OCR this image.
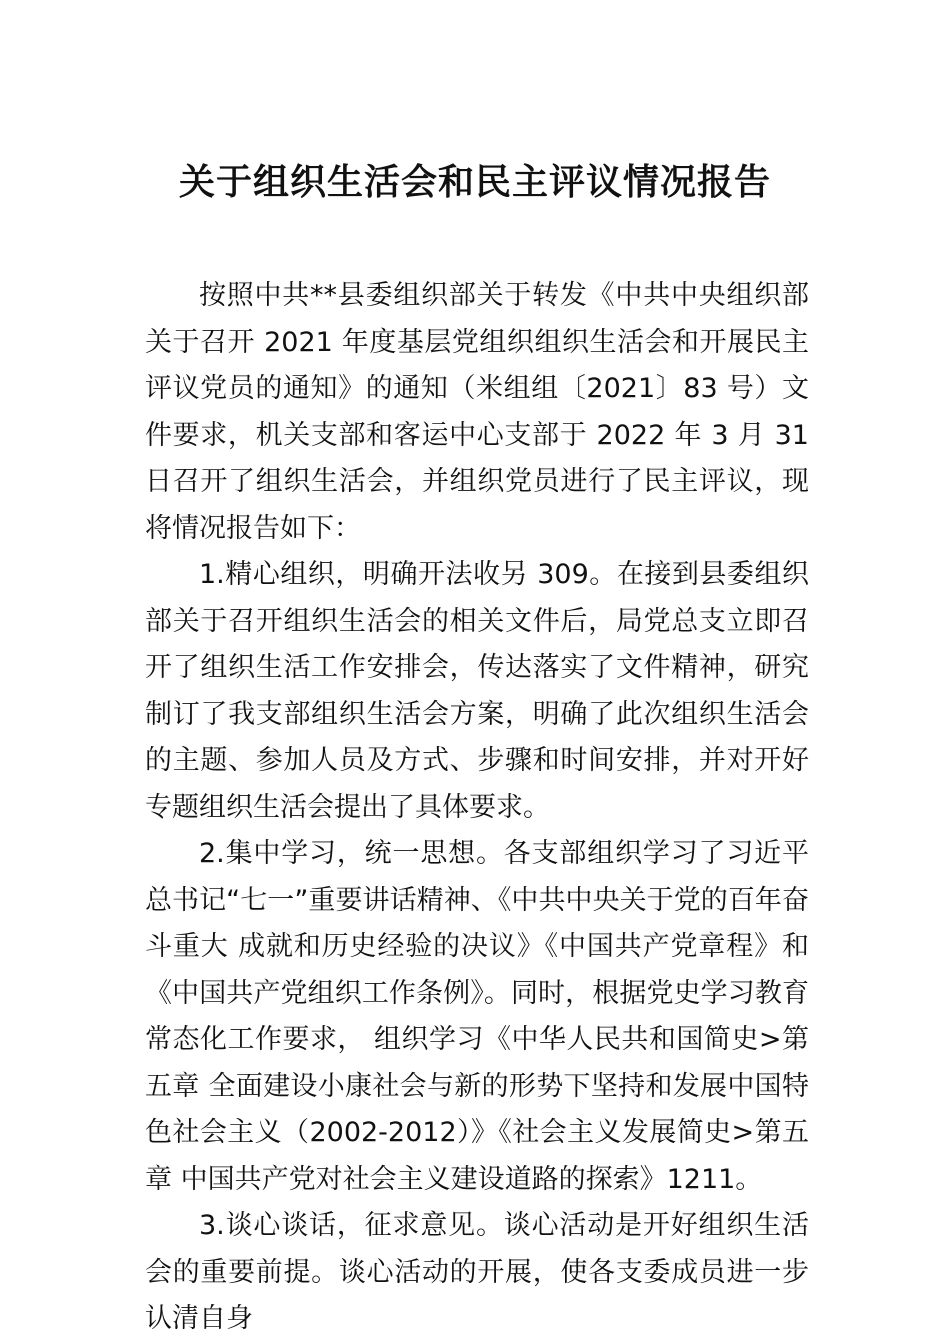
关于组织生活会和民主评议情况报告

按照中共**县委组织部关于转发《中共中央组织部关于召开 2021 年度基层党组织组织生活会和开展民主评议党员的通知》的通知（米组组〔2021〕83 号）文件要求，机关支部和客运中心支部于 2022 年 3 月 31 日召开了组织生活会，并组织党员进行了民主评议，现将情况报告如下：

1.精心组织，明确开法收另 309。在接到县委组织部关于召开组织生活会的相关文件后，局党总支立即召开了组织生活工作安排会，传达落实了文件精神，研究制订了我支部组织生活会方案，明确了此次组织生活会的主题、参加人员及方式、步骤和时间安排，并对开好专题组织生活会提出了具体要求。

2.集中学习，统一思想。各支部组织学习了习近平总书记“七一”重要讲话精神、《中共中央关于党的百年奋斗重大 成就和历史经验的决议》《中国共产党章程》和《中国共产党组织工作条例》。同时，根据党史学习教育常态化工作要求， 组织学习《中华人民共和国简史>第五章 全面建设小康社会与新的形势下坚持和发展中国特色社会主义（2002-2012）》《社会主义发展简史>第五章 中国共产党对社会主义建设道路的探索》1211。

3.谈心谈话，征求意见。谈心活动是开好组织生活会的重要前提。谈心活动的开展，使各支委成员进一步认清自身
